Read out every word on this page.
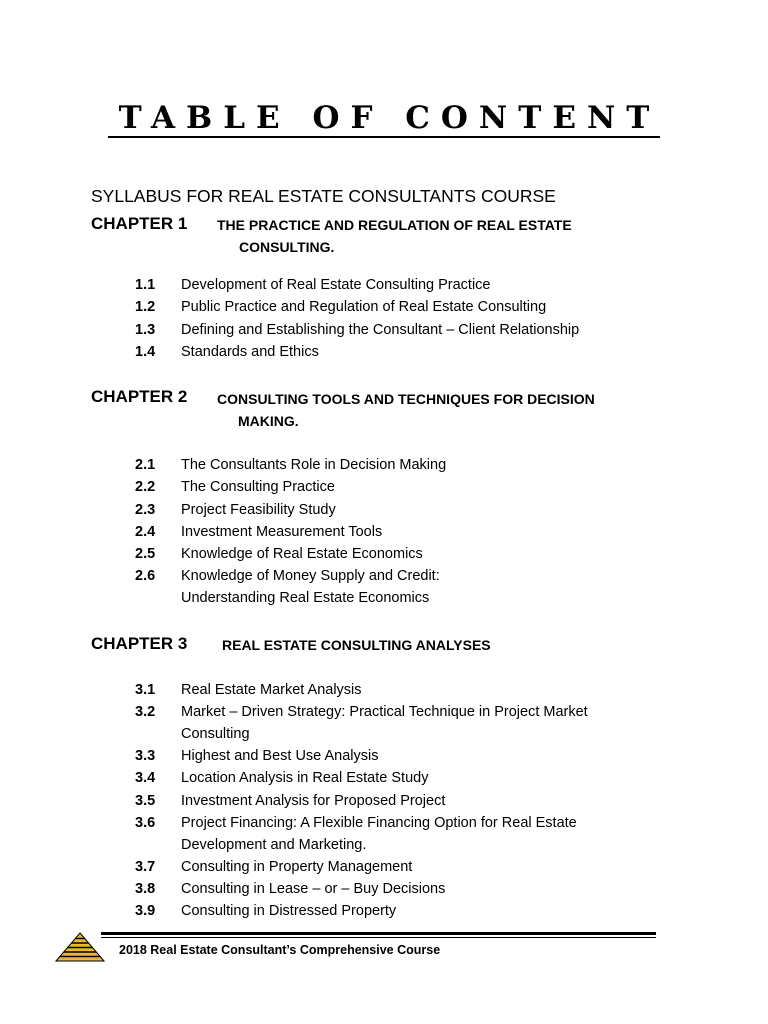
TABLE OF CONTENT
SYLLABUS FOR REAL ESTATE CONSULTANTS COURSE
CHAPTER 1 THE PRACTICE AND REGULATION OF REAL ESTATE
CONSULTING.
1.1 Development of Real Estate Consulting Practice
1.2 Public Practice and Regulation of Real Estate Consulting
1.3 Defining and Establishing the Consultant – Client Relationship
1.4 Standards and Ethics
CHAPTER 2 CONSULTING TOOLS AND TECHNIQUES FOR DECISION
MAKING.
2.1 The Consultants Role in Decision Making
2.2 The Consulting Practice
2.3 Project Feasibility Study
2.4 Investment Measurement Tools
2.5 Knowledge of Real Estate Economics
2.6 Knowledge of Money Supply and Credit:
Understanding Real Estate Economics
CHAPTER 3 REAL ESTATE CONSULTING ANALYSES
3.1 Real Estate Market Analysis
3.2 Market – Driven Strategy: Practical Technique in Project Market
Consulting
3.3 Highest and Best Use Analysis
3.4 Location Analysis in Real Estate Study
3.5 Investment Analysis for Proposed Project
3.6 Project Financing: A Flexible Financing Option for Real Estate
Development and Marketing.
3.7 Consulting in Property Management
3.8 Consulting in Lease – or – Buy Decisions
3.9 Consulting in Distressed Property
2018 Real Estate Consultant’s Comprehensive Course
